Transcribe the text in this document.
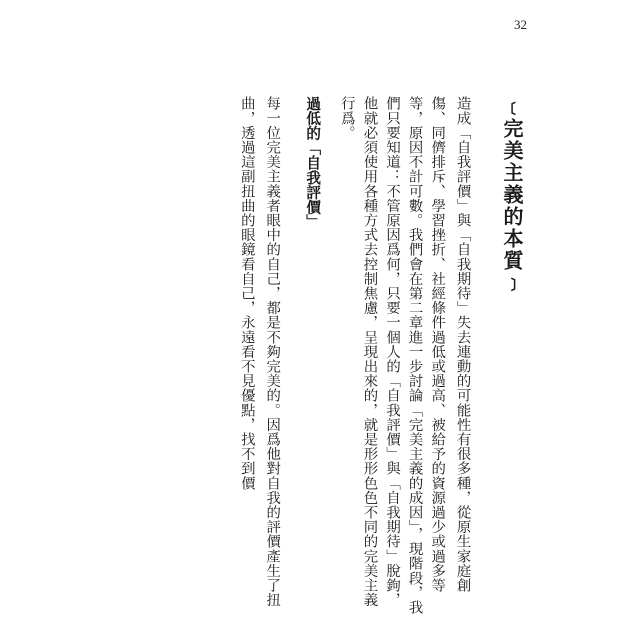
32
﹝完美主義的本質﹞

造成「自我評價」與「自我期待」失去連動的可能性有很多種，從原生家庭創傷、同儕排斥、學習挫折、社經條件過低或過高、被給予的資源過少或過多等等，原因不計可數。我們會在第二章進一步討論「完美主義的成因」，現階段，我們只要知道：不管原因爲何，只要一個人的「自我評價」與「自我期待」脫鉤，他就必須使用各種方式去控制焦慮，呈現出來的，就是形形色色不同的完美主義行爲。

過低的「自我評價」

每一位完美主義者眼中的自己，都是不夠完美的。因爲他對自我的評價產生了扭曲，透過這副扭曲的眼鏡看自己，永遠看不見優點，找不到價
